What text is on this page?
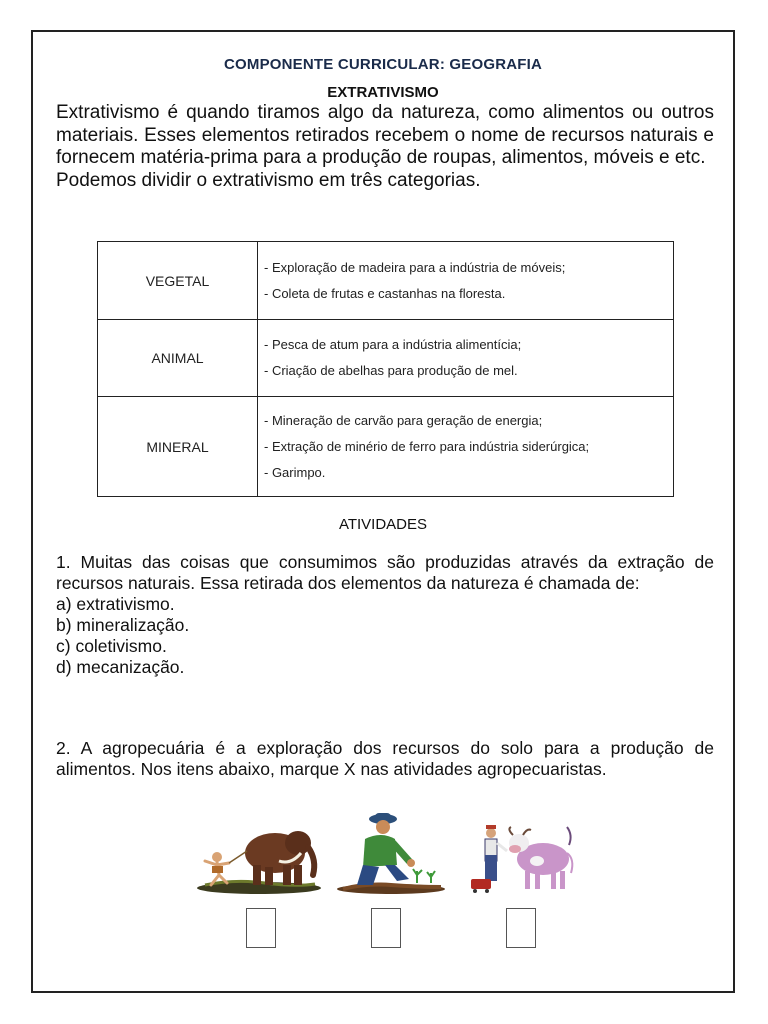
COMPONENTE CURRICULAR: GEOGRAFIA
EXTRATIVISMO

Extrativismo é quando tiramos algo da natureza, como alimentos ou outros materiais. Esses elementos retirados recebem o nome de recursos naturais e fornecem matéria-prima para a produção de roupas, alimentos, móveis e etc.

Podemos dividir o extrativismo em três categorias.

VEGETAL	- Exploração de madeira para a indústria de móveis;
- Coleta de frutas e castanhas na floresta.

ANIMAL	- Pesca de atum para a indústria alimentícia;
- Criação de abelhas para produção de mel.

MINERAL	- Mineração de carvão para geração de energia;
- Extração de minério de ferro para indústria siderúrgica;
- Garimpo.
ATIVIDADES

1. Muitas das coisas que consumimos são produzidas através da extração de recursos naturais. Essa retirada dos elementos da natureza é chamada de:

a) extrativismo.

b) mineralização.

c) coletivismo.

d) mecanização.

2. A agropecuária é a exploração dos recursos do solo para a produção de alimentos. Nos itens abaixo, marque X nas atividades agropecuaristas.
